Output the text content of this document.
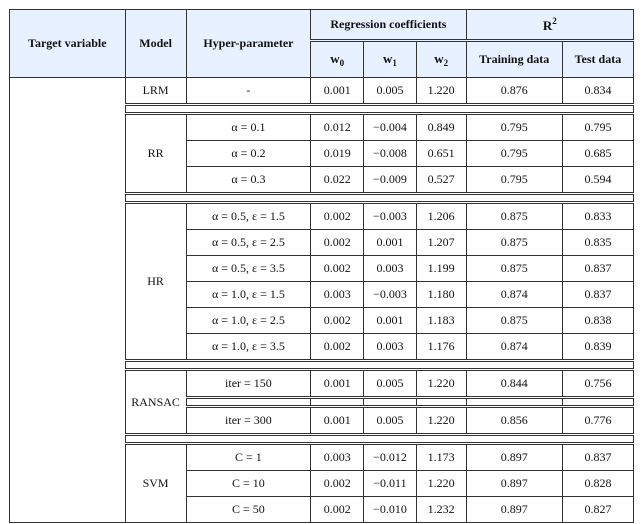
Target variable	Model	Hyper-parameter	Regression coefficients			$R^2$
			$w_0$	$w_1$	$w_2$	Training data	Test data
	LRM	-	0.001	0.005	1.220	0.876	0.834

	RR	α = 0.1	0.012	−0.004	0.849	0.795	0.795
		α = 0.2	0.019	−0.008	0.651	0.795	0.685
		α = 0.3	0.022	−0.009	0.527	0.795	0.594

	HR	α = 0.5, ε = 1.5	0.002	−0.003	1.206	0.875	0.833
		α = 0.5, ε = 2.5	0.002	0.001	1.207	0.875	0.835
		α = 0.5, ε = 3.5	0.002	0.003	1.199	0.875	0.837
		α = 1.0, ε = 1.5	0.003	−0.003	1.180	0.874	0.837
		α = 1.0, ε = 2.5	0.002	0.001	1.183	0.875	0.838
		α = 1.0, ε = 3.5	0.002	0.003	1.176	0.874	0.839

	RANSAC	iter = 150	0.001	0.005	1.220	0.844	0.756

		iter = 300	0.001	0.005	1.220	0.856	0.776

	SVM	C = 1	0.003	−0.012	1.173	0.897	0.837
		C = 10	0.002	−0.011	1.220	0.897	0.828
		C = 50	0.002	−0.010	1.232	0.897	0.827
